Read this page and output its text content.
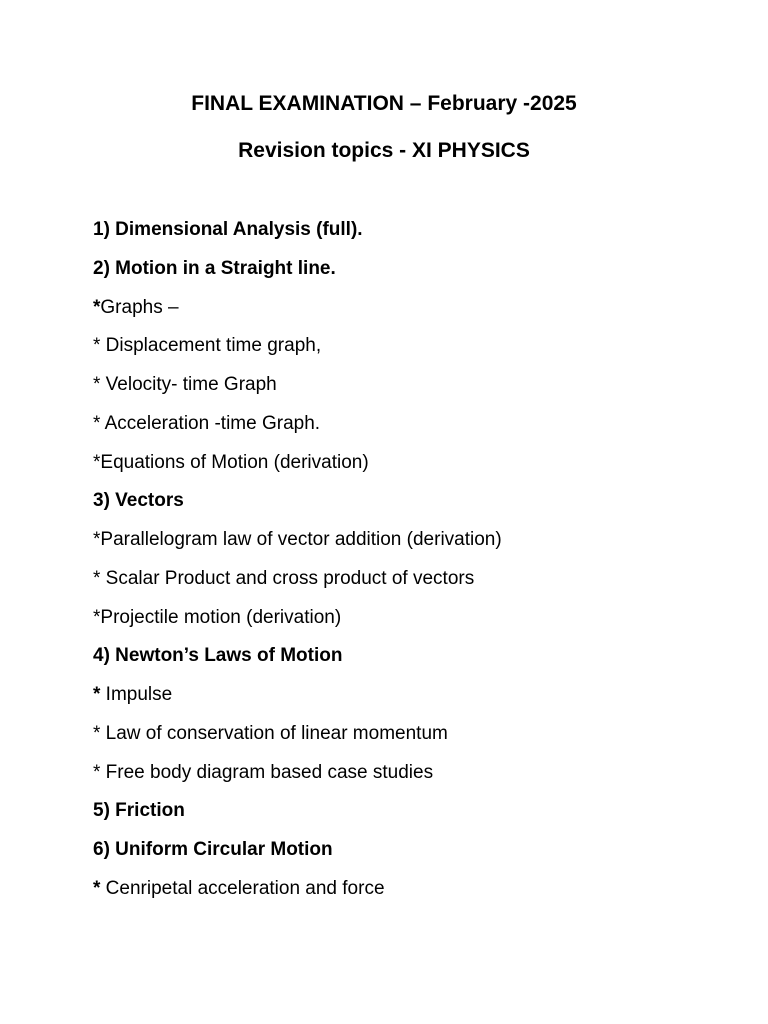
FINAL EXAMINATION – February -2025
Revision topics - XI PHYSICS
1) Dimensional Analysis (full).
2) Motion in a Straight line.
*Graphs –
* Displacement time graph,
* Velocity- time Graph
* Acceleration -time Graph.
*Equations of Motion (derivation)
3) Vectors
*Parallelogram law of vector addition (derivation)
* Scalar Product and cross product of vectors
*Projectile motion (derivation)
4) Newton’s Laws of Motion
* Impulse
* Law of conservation of linear momentum
* Free body diagram based case studies
5) Friction
6) Uniform Circular Motion
* Cenripetal acceleration and force
